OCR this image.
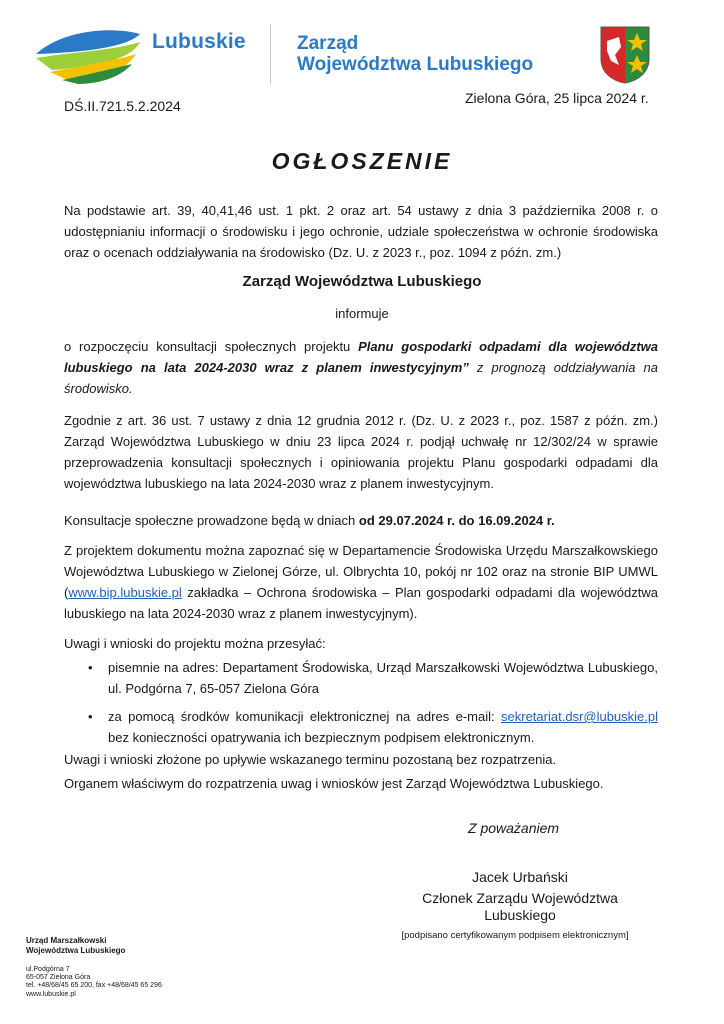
Lubuskie	Zarząd
Województwa Lubuskiego
DŚ.II.721.5.2.2024	Zielona Góra, 25 lipca 2024 r.
OGŁOSZENIE
Na podstawie art. 39, 40,41,46 ust. 1 pkt. 2 oraz art. 54 ustawy z dnia 3 października 2008 r. o udostępnianiu informacji o środowisku i jego ochronie, udziale społeczeństwa w ochronie środowiska oraz o ocenach oddziaływania na środowisko (Dz. U. z 2023 r., poz. 1094 z późn. zm.)
Zarząd Województwa Lubuskiego
informuje
o rozpoczęciu konsultacji społecznych projektu Planu gospodarki odpadami dla województwa lubuskiego na lata 2024-2030 wraz z planem inwestycyjnym” z prognozą oddziaływania na środowisko.
Zgodnie z art. 36 ust. 7 ustawy z dnia 12 grudnia 2012 r. (Dz. U. z 2023 r., poz. 1587 z późn. zm.) Zarząd Województwa Lubuskiego w dniu 23 lipca 2024 r. podjął uchwałę nr 12/302/24 w sprawie przeprowadzenia konsultacji społecznych i opiniowania projektu Planu gospodarki odpadami dla województwa lubuskiego na lata 2024-2030 wraz z planem inwestycyjnym.
Konsultacje społeczne prowadzone będą w dniach od 29.07.2024 r. do 16.09.2024 r.
Z projektem dokumentu można zapoznać się w Departamencie Środowiska Urzędu Marszałkowskiego Województwa Lubuskiego w Zielonej Górze, ul. Olbrychta 10, pokój nr 102 oraz na stronie BIP UMWL (www.bip.lubuskie.pl zakładka – Ochrona środowiska – Plan gospodarki odpadami dla województwa lubuskiego na lata 2024-2030 wraz z planem inwestycyjnym).
Uwagi i wnioski do projektu można przesyłać:
• pisemnie na adres: Departament Środowiska, Urząd Marszałkowski Województwa Lubuskiego, ul. Podgórna 7, 65-057 Zielona Góra
• za pomocą środków komunikacji elektronicznej na adres e-mail: sekretariat.dsr@lubuskie.pl bez konieczności opatrywania ich bezpiecznym podpisem elektronicznym.
Uwagi i wnioski złożone po upływie wskazanego terminu pozostaną bez rozpatrzenia.
Organem właściwym do rozpatrzenia uwag i wniosków jest Zarząd Województwa Lubuskiego.
Z poważaniem
Jacek Urbański
Członek Zarządu Województwa
Lubuskiego
[podpisano certyfikowanym podpisem elektronicznym]
Urząd Marszałkowski
Województwa Lubuskiego
ul.Podgórna 7
65-057 Zielona Góra
tel. +48/68/45 65 200, fax +48/68/45 65 296
www.lubuskie.pl
